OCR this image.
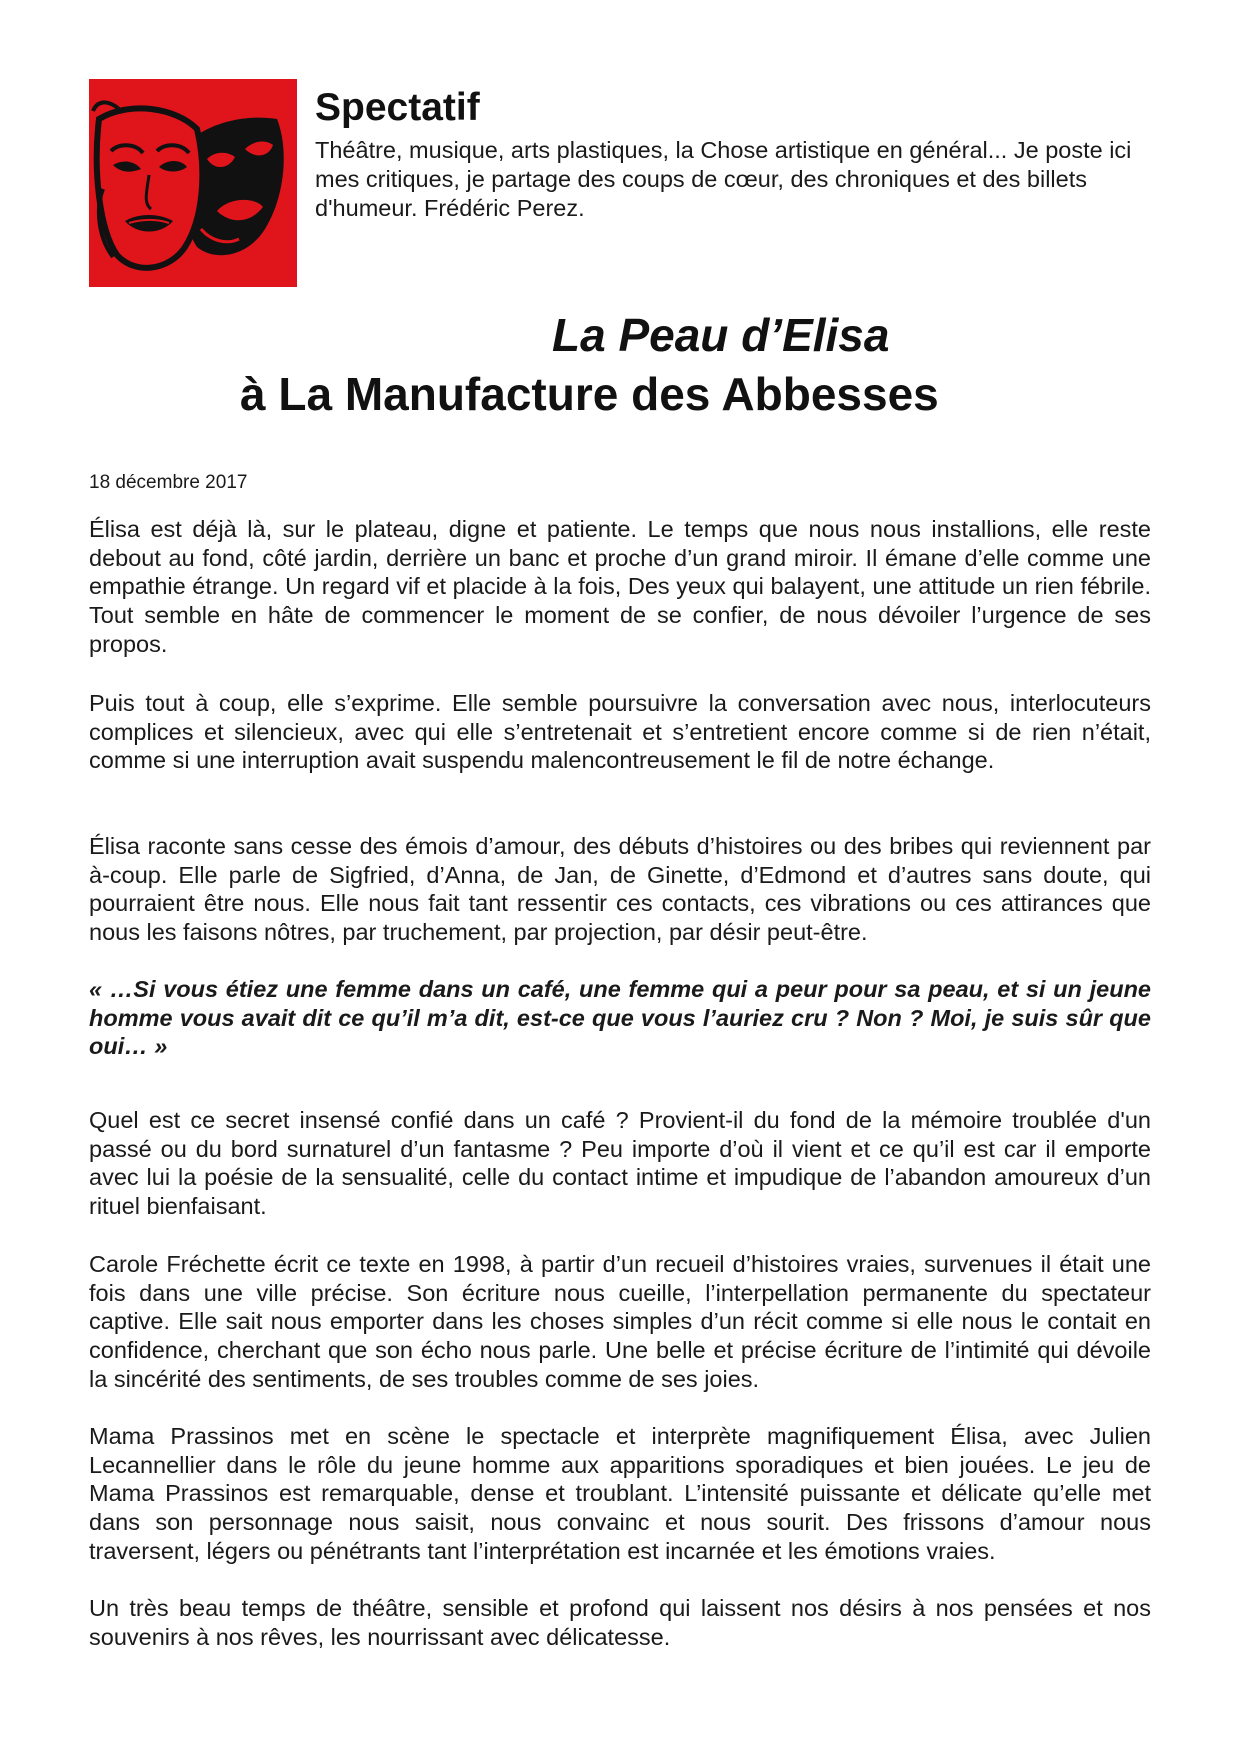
Spectatif

Théâtre, musique, arts plastiques, la Chose artistique en général... Je poste ici mes critiques, je partage des coups de cœur, des chroniques et des billets d'humeur. Frédéric Perez.

La Peau d’Elisa
à La Manufacture des Abbesses

18 décembre 2017

Élisa est déjà là, sur le plateau, digne et patiente. Le temps que nous nous installions, elle reste debout au fond, côté jardin, derrière un banc et proche d’un grand miroir. Il émane d’elle comme une empathie étrange. Un regard vif et placide à la fois, Des yeux qui balayent, une attitude un rien fébrile. Tout semble en hâte de commencer le moment de se confier, de nous dévoiler l’urgence de ses propos.

Puis tout à coup, elle s’exprime. Elle semble poursuivre la conversation avec nous, interlocuteurs complices et silencieux, avec qui elle s’entretenait et s’entretient encore comme si de rien n’était, comme si une interruption avait suspendu malencontreusement le fil de notre échange.

Élisa raconte sans cesse des émois d’amour, des débuts d’histoires ou des bribes qui reviennent par à-coup. Elle parle de Sigfried, d’Anna, de Jan, de Ginette, d’Edmond et d’autres sans doute, qui pourraient être nous. Elle nous fait tant ressentir ces contacts, ces vibrations ou ces attirances que nous les faisons nôtres, par truchement, par projection, par désir peut-être.

« …Si vous étiez une femme dans un café, une femme qui a peur pour sa peau, et si un jeune homme vous avait dit ce qu’il m’a dit, est-ce que vous l’auriez cru ? Non ? Moi, je suis sûr que oui… »

Quel est ce secret insensé confié dans un café ? Provient-il du fond de la mémoire troublée d'un passé ou du bord surnaturel d’un fantasme ? Peu importe d’où il vient et ce qu’il est car il emporte avec lui la poésie de la sensualité, celle du contact intime et impudique de l’abandon amoureux d’un rituel bienfaisant.

Carole Fréchette écrit ce texte en 1998, à partir d’un recueil d’histoires vraies, survenues il était une fois dans une ville précise. Son écriture nous cueille, l’interpellation permanente du spectateur captive. Elle sait nous emporter dans les choses simples d’un récit comme si elle nous le contait en confidence, cherchant que son écho nous parle. Une belle et précise écriture de l’intimité qui dévoile la sincérité des sentiments, de ses troubles comme de ses joies.

Mama Prassinos met en scène le spectacle et interprète magnifiquement Élisa, avec Julien Lecannellier dans le rôle du jeune homme aux apparitions sporadiques et bien jouées. Le jeu de Mama Prassinos est remarquable, dense et troublant. L’intensité puissante et délicate qu’elle met dans son personnage nous saisit, nous convainc et nous sourit. Des frissons d’amour nous traversent, légers ou pénétrants tant l’interprétation est incarnée et les émotions vraies.

Un très beau temps de théâtre, sensible et profond qui laissent nos désirs à nos pensées et nos souvenirs à nos rêves, les nourrissant avec délicatesse.
